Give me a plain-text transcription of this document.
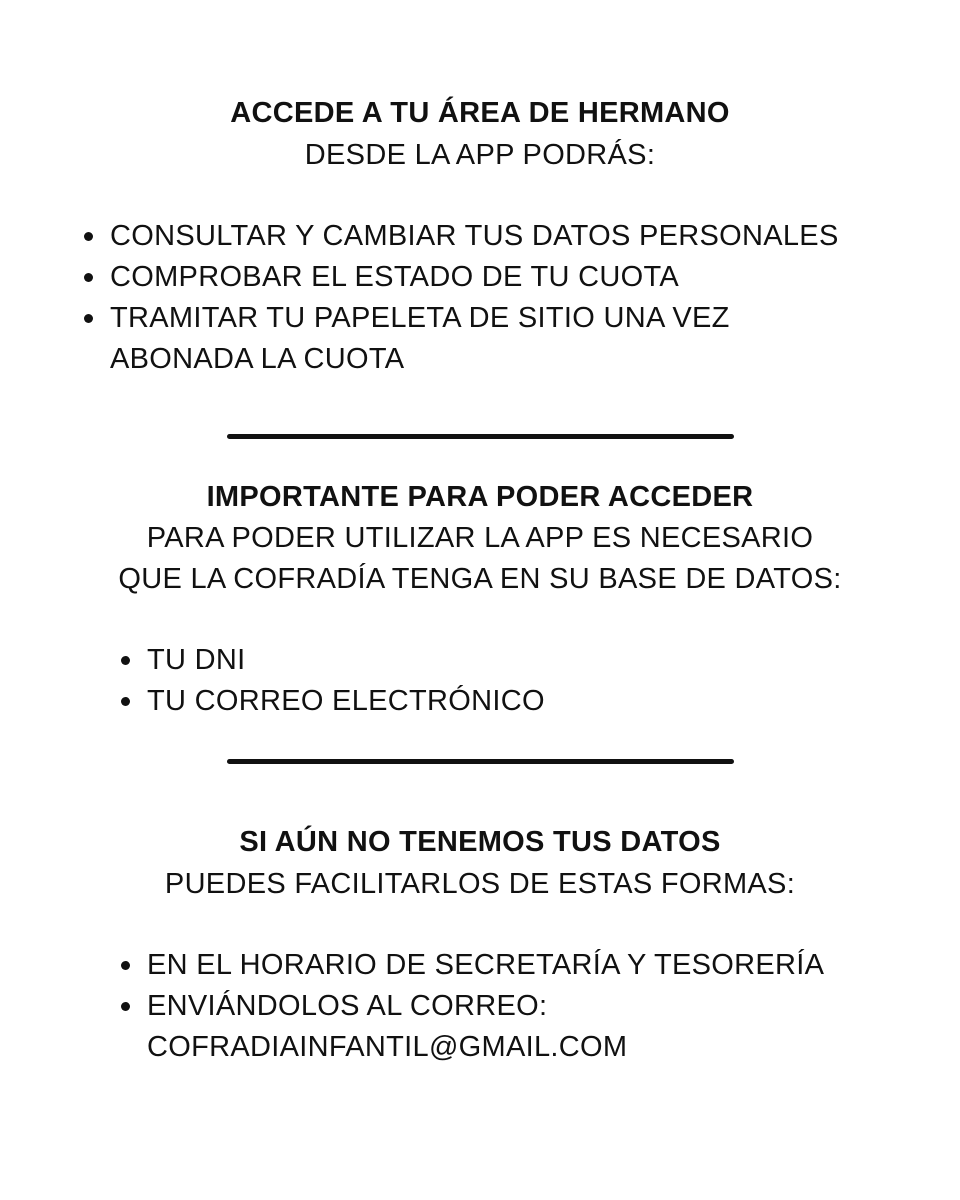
ACCEDE A TU ÁREA DE HERMANO

DESDE LA APP PODRÁS:

CONSULTAR Y CAMBIAR TUS DATOS PERSONALES
COMPROBAR EL ESTADO DE TU CUOTA
TRAMITAR TU PAPELETA DE SITIO UNA VEZ
ABONADA LA CUOTA
IMPORTANTE PARA PODER ACCEDER

PARA PODER UTILIZAR LA APP ES NECESARIO

QUE LA COFRADÍA TENGA EN SU BASE DE DATOS:

TU DNI
TU CORREO ELECTRÓNICO
SI AÚN NO TENEMOS TUS DATOS

PUEDES FACILITARLOS DE ESTAS FORMAS:

EN EL HORARIO DE SECRETARÍA Y TESORERÍA
ENVIÁNDOLOS AL CORREO:
COFRADIAINFANTIL@GMAIL.COM
